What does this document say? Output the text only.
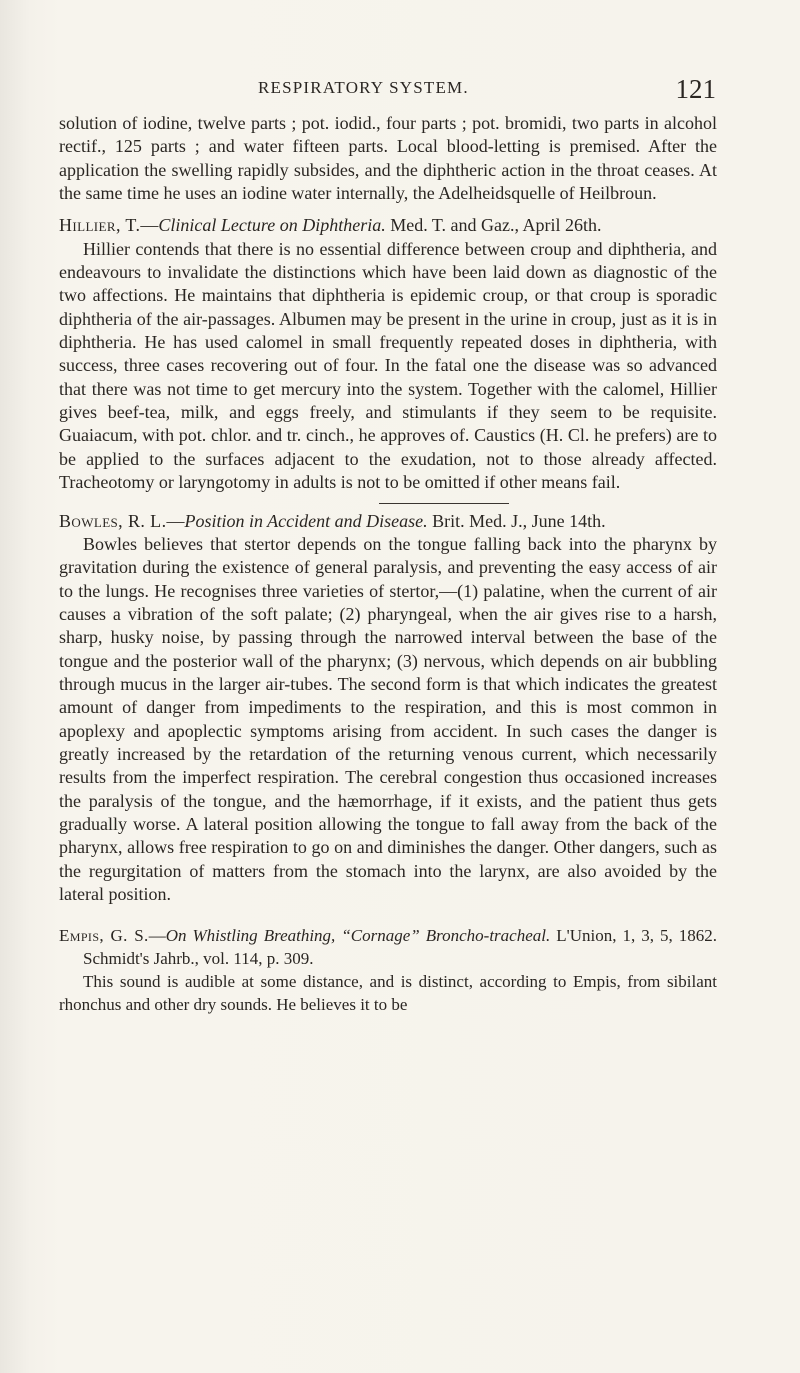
RESPIRATORY SYSTEM.	121

solution of iodine, twelve parts ; pot. iodid., four parts ; pot. bromidi, two parts in alcohol rectif., 125 parts ; and water fifteen parts. Local blood-letting is premised. After the application the swelling rapidly subsides, and the diphtheric action in the throat ceases. At the same time he uses an iodine water internally, the Adelheidsquelle of Heilbroun.

Hillier, T.—Clinical Lecture on Diphtheria. Med. T. and Gaz., April 26th.

Hillier contends that there is no essential difference between croup and diphtheria, and endeavours to invalidate the distinctions which have been laid down as diagnostic of the two affections. He maintains that diphtheria is epidemic croup, or that croup is sporadic diphtheria of the air-passages. Albumen may be present in the urine in croup, just as it is in diphtheria. He has used calomel in small frequently repeated doses in diphtheria, with success, three cases recovering out of four. In the fatal one the disease was so advanced that there was not time to get mercury into the system. Together with the calomel, Hillier gives beef-tea, milk, and eggs freely, and stimulants if they seem to be requisite. Guaiacum, with pot. chlor. and tr. cinch., he approves of. Caustics (H. Cl. he prefers) are to be applied to the surfaces adjacent to the exudation, not to those already affected. Tracheotomy or laryngotomy in adults is not to be omitted if other means fail.

Bowles, R. L.—Position in Accident and Disease. Brit. Med. J., June 14th.

Bowles believes that stertor depends on the tongue falling back into the pharynx by gravitation during the existence of general paralysis, and preventing the easy access of air to the lungs. He recognises three varieties of stertor,—(1) palatine, when the current of air causes a vibration of the soft palate; (2) pharyngeal, when the air gives rise to a harsh, sharp, husky noise, by passing through the narrowed interval between the base of the tongue and the posterior wall of the pharynx; (3) nervous, which depends on air bubbling through mucus in the larger air-tubes. The second form is that which indicates the greatest amount of danger from impediments to the respiration, and this is most common in apoplexy and apoplectic symptoms arising from accident. In such cases the danger is greatly increased by the retardation of the returning venous current, which necessarily results from the imperfect respiration. The cerebral congestion thus occasioned increases the paralysis of the tongue, and the hæmorrhage, if it exists, and the patient thus gets gradually worse. A lateral position allowing the tongue to fall away from the back of the pharynx, allows free respiration to go on and diminishes the danger. Other dangers, such as the regurgitation of matters from the stomach into the larynx, are also avoided by the lateral position.

Empis, G. S.—On Whistling Breathing, “Cornage” Broncho-tracheal. L'Union, 1, 3, 5, 1862. Schmidt's Jahrb., vol. 114, p. 309.

This sound is audible at some distance, and is distinct, according to Empis, from sibilant rhonchus and other dry sounds. He believes it to be
